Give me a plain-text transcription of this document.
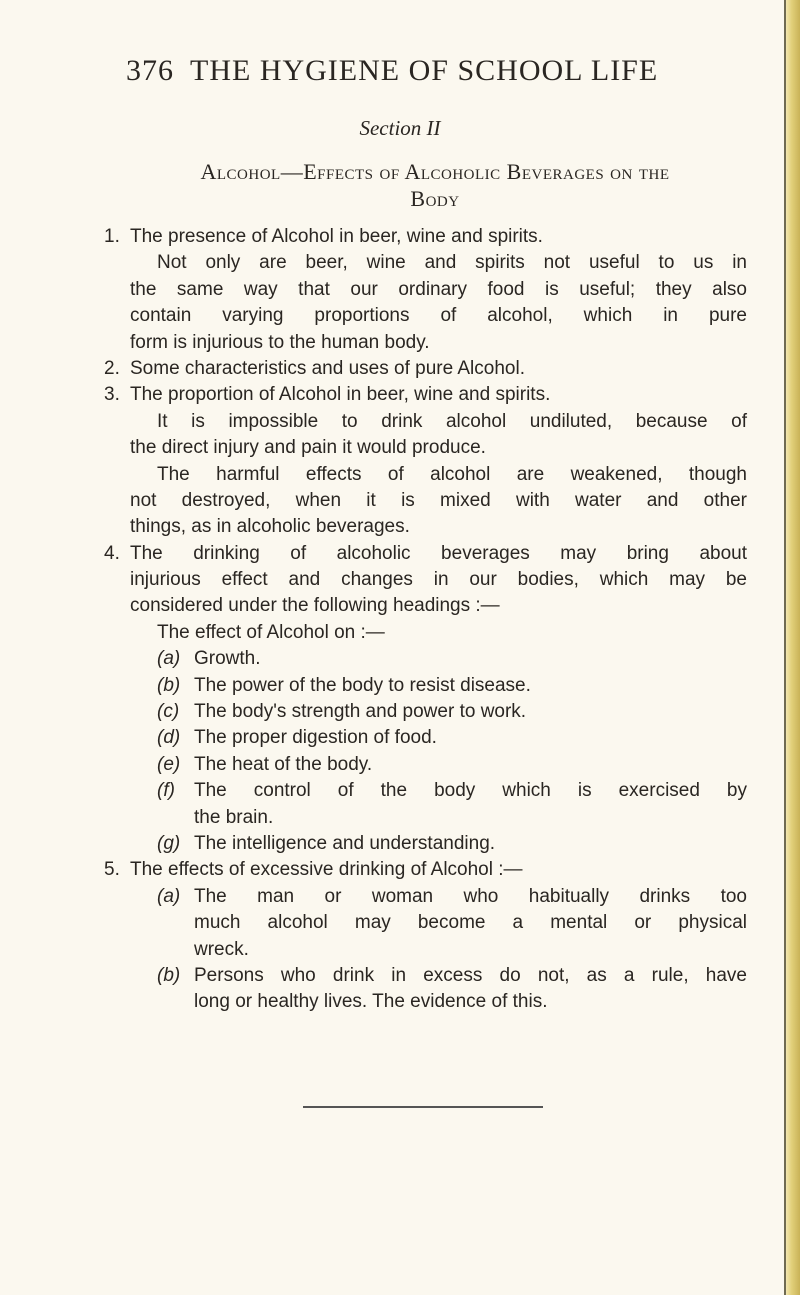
376 THE HYGIENE OF SCHOOL LIFE
Section II
Alcohol—Effects of Alcoholic Beverages on the
Body
1. The presence of Alcohol in beer, wine and spirits.
Not only are beer, wine and spirits not useful to us in
the same way that our ordinary food is useful; they also
contain varying proportions of alcohol, which in pure
form is injurious to the human body.
2. Some characteristics and uses of pure Alcohol.
3. The proportion of Alcohol in beer, wine and spirits.
It is impossible to drink alcohol undiluted, because of
the direct injury and pain it would produce.
The harmful effects of alcohol are weakened, though
not destroyed, when it is mixed with water and other
things, as in alcoholic beverages.
4. The drinking of alcoholic beverages may bring about
injurious effect and changes in our bodies, which may be
considered under the following headings :—
The effect of Alcohol on :—
(a) Growth.
(b) The power of the body to resist disease.
(c) The body's strength and power to work.
(d) The proper digestion of food.
(e) The heat of the body.
(f) The control of the body which is exercised by
the brain.
(g) The intelligence and understanding.
5. The effects of excessive drinking of Alcohol :—
(a) The man or woman who habitually drinks too
much alcohol may become a mental or physical
wreck.
(b) Persons who drink in excess do not, as a rule, have
long or healthy lives. The evidence of this.
